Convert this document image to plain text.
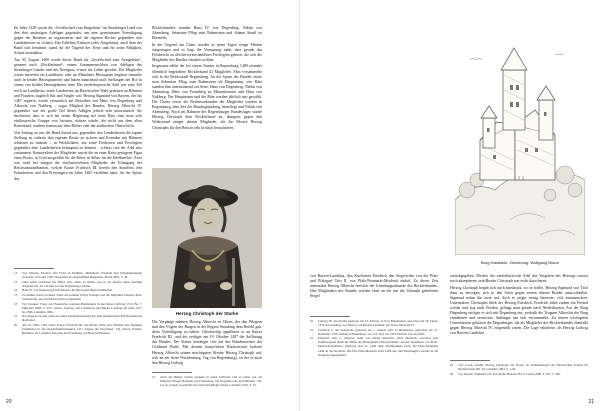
Im Jahre 1428 wurde die „Gesellschaft vom Eingehürn“ im Straubinger Land von den dort ansässigen Adeligen gegründet, um eine gemeinsame Verteidigung gegen die Hussiten zu organisieren und die eigenen Rechte gegenüber den Landesherren zu sichern. Das Fabeltier Einhorn (oder Aingehürn), nach dem der Bund sich benannte, stand für die Tugend der Treue und für seine Fähigkeit, Schutz auszuüben.

Am 30. August 1466 wurde dieser Bund als „Gesellschaft zum Aymgehürn“, genannt auch „Böcklerbund“, einem Zusammenschluss von Adeligen des Straubinger Landes und des Nordgaus, erneut ins Leben gerufen. Die Mitglieder waren entweder im Landshuter oder im Münchner Herzogtum begütert (manche auch in beiden Herzogtümern) und hatten manchmal auch Stellungen bei Hof in einem von beiden Herzogtümern inne. Der niederbayerische Adel war zum Teil reich an Landbesitz, seine Ländereien im Bayerischen Wald grenzten an Böhmen und Franken, zugleich Rat und Siegler war. Herzog Sigmund von Bayern, der bis 1467 regierte, wurde vermutlich auf Betreiben von Hans von Degenberg und Albrecht von Nußberg – sogar Mitglied des Bundes. Herzog Albrecht IV. gegenüber war der große Teil dieser Adligen jedoch sehr misstrauisch. Sie fürchteten, dass er sich bei seiner Regierung auf seine Räte, eine neue sehr einflussreiche Gruppe von Juristen, stützen würde, die nicht aus dem alten Ritterstand, sondern kamen aus dem Klerus oder der städtischen Oberschicht.

Von Anfang an war der Bund darauf aus, gegenüber den Landesherren die eigene Stellung zu wahren, den eigenen Besitz zu sichern und Kontakte mit Böhmen schützen zu müssen – in Wirklichkeit, um seine Freiheiten und Privilegien gegenüber dem Landesherren behaupten zu können – schloss sich der Adel also zusammen. Kennzeichen der Mitglieder wurde die an einer Kette getragene Figur eines Bocks, in Gold ausgeführt für die Ritter, in Silber für die Edelknechte. Zwei war wohl bei einigen der einflussreichsten Mitglieder die Erlangung der Reichsunmittelbarkeit, welche Kaiser Friedrich III. bereits den Stauffern, den Fraunhofern und den Preysingern im Jahre 1465 verliehen hatte. An der Spitze des

14	Vgl. Menzel, Thomas: Der Pichl an Feldhern. Mittelhofes Wandeln und Selbstbehauptung zwischen 1470 und 1550. Dargestellt an ausgewählten Beispielen, Berlin 2003, S. 48.
15	Jahre später beschloss der Bund, sich erneut zu bilden, was in der Region einen Konflikt ausgelöst hat, der bis zum Tod der Degenberger reichte.
16	Hans IV. von Degenberg Erbhofmeister im Herzogtum Bayern-München.
17	Zu nennen wären an dieser Stelle die Gründer Ulrich Ursinger und der Münchner Patrizier Peter Schöndorfer, Rat und Diener Herzog Sigmunds.
18	Vgl. Krenner, Franz von: Baierische Landtags-Handlungen in den Jahren 1429 bis 1513, Bd. 7, München 1804, S. 47ff.; Albert, Ludwig: Die Landshuter und Rieder Landtage im Jahre 1471 bis 1506, Landshut 1906.
19	Das Wappen ist sehr selten in seiner Zusammensetzung mit dem niederbayerischen Hauszeichen überliefert.
20	Am 22. März 1465 erhob Kaiser Friedrich III. die Brüder Hans und Wilhelm und Sigmund Fraunhofer in den Reichsfreiherrenstand, 1471 folgten die Preysinger. Vgl. hierzu Feldner, Bernhard, in: Landshut, Preysing und Fraunberg von Haag im Besitzes.

Böcklerbundes standen Hans IV. von Degenberg, Niklas von Abensberg, Sebastian Pflug zum Rabenstein und Johann Stauff zu Ehrenfels.

In der Gegend um Cham wurden in jenen Tagen einige Fehden ausgetragen und es liegt die Vermutung nahe, dass gerade das Fehderecht zu den hervorstechendsten Privilegien gehörte, die sich die Mitglieder des Bundes erhalten wollten.

Insgesamt zählte der bei einem Turnier in Regensburg 1489 erstmals öffentlich begründete Böcklerbund 41 Mitglieder. Man versammelte sich in der Reichsstadt Regensburg. An der Spitze des Bundes setzte man Sebastian Pflug zum Rabenstein als Hauptmann, vier Räte standen ihm unterstützend zur Seite: Hans von Degenberg, Niklas von Abensberg, Hans von Fraunberg zu Massenhausen und Hans von Nußberg. Der Hauptmann und die Räte wurden jährlich neu gewählt. Die Charta sowie die Beitrittsurkunden der Mitglieder wurden in Regensburg, dem Sitz der Bundesgründung, hinterlegt und Niklas von Abensberg. Noch im Rahmen des Regensburger Bundestages wurde Herzog Christoph dem Böcklerbund an, übergens gegen den Widerstand einiger dessen Mitglieder, die die Motive Herzog Christophs für den Beitritt sehr kritisch betrachteten.

Herzog Christoph der Starke

Die Vorgänge nahmen Herzog Albrecht zu Ohren, der den Pflegern und den Vögten der Burgen in der Region Straubing dem Befehl gab, diese Verteidigung zu halten. Gleichzeitig appellierte er an Kaiser Friedrich III., und der verfügte am 19. Oktober 1487 die Auflösung des Bundes. Der Kaiser bestätigte sich auf das Bündnisverbot der Goldenen Bulle. Mit diesem kaiserlichen Rückenwind forderte Herzog Albrecht seinen mächtigsten Bruder Herzog Christoph auf, sich an der Seite Württemberg, Tag von Regensburg), zu der er auch den Herzog Ludwig

21	Auch die Bürger Chams gesteten in jenen Verbacht, und er selbst war ein Mitglied. Pfleger Hannsen von Frauenberg, bei Vorgehen oder gerichtlichen. Vgl. Lorch, Joseph: Geschichte der Stadt und Pfleger Cham, Landshut 1916, S. 43.
20
Burg Haidstein, Zeichnung: Wolfgang Braun

von Bayern-Landshut, den Kurfürsten Friedrich den Siegreichen von der Pfalz und Pfalzgraf Otto II. von Pfalz-Neumarkt-Mosbach einlud. Zu dieser Zeit unterstützt Herzog Albrecht feierlich die Gründungsurkunde des Böcklerbundes. Den Mitgliedern des Bundes wurden eben an die mit die Urkunde gehefteten Siegel

22	Ludwig IX. der Reiche (geboren am 23. Februar 1417 in Burghausen; gestorben am 18. Januar 1479 in Landshut), war Herzog von Bayern-Landshut, ein Vetter Albrechts IV.
23	Friedrich I., der Siegreiche (geboren am 1. August 1425 in Heidelberg; gestorben am 12. Dezember 1476 ebenda) in Heidelberg, war von 1451 bis 1476 Kurfürst von der Pfalz.
24	Pfalzgraf Otto I., jüngerer Sohn von König Ruprecht, erbte Mosbach, erweitert sein Teilherzogtum durch die Hälfte des Herzogtums Pfalz-Neumarkt. Als der Stammherr von Pfalz-Mosbach-Neumarkt, Pfalzgraf Otto II., 1499 ohne Nachkommen starb, fiel Pfalz-Neumarkt 1499 an die Kurpfalz. Die Ehe Pfalz-Mosbach starb 1499 aus, ihre Besitzungen wurden in die Kurpfalz eingegliedert.

zurückgegeben. Mochte der niederbayrische Adel das Vorgehen des Herzogs vorerst noch akzeptieren, sein Bruder Christoph war nicht dazu bereit.

Herzog Christoph begab sich nach Innsbruck, wo er hoffte, Herzog Sigmund von Tirol dazu zu bewegen, sich in den Streit gegen seinen älteren Bruder anzuschließen. Sigmund nahm ihn zwar auf, doch er zeigte wenig Interesse, sich einzumischen. Unterstützer Christophs blieb der Herzog Friedrich. Friedrich blieb zudem ein Freund wieder und zog nach Norden, gelangt man gerade nach Niederbayern. Auf der Burg Degenberg erfolgte er sich mit Degenberg ein, weshalb die Truppen Albrechts die Burg einnehmen und zerstörten. Anhänger um sich versammelte. Zu seinen wichtigsten Unterstützern gehörten die Degenberger, die als Mitglieder des Böcklerbundes ebenfalls gegen Herzog Albrecht IV. eingestellt waren. Die Lage eskalierte, als Herzog Ludwig von Bayern-Landshut

25	Vgl. Lorch, Joseph: Herzog Christoph, der Starke, in: Verhandlungen des Historischen Vereins für Niederbayern, Bd. 30, Landshut 1894, S. 1-36.
26	Vgl. Riezler, Sigmund von: Geschichte Baierns, Bd. 3, Gotha 1889, S. 507, 5. 396.
21
